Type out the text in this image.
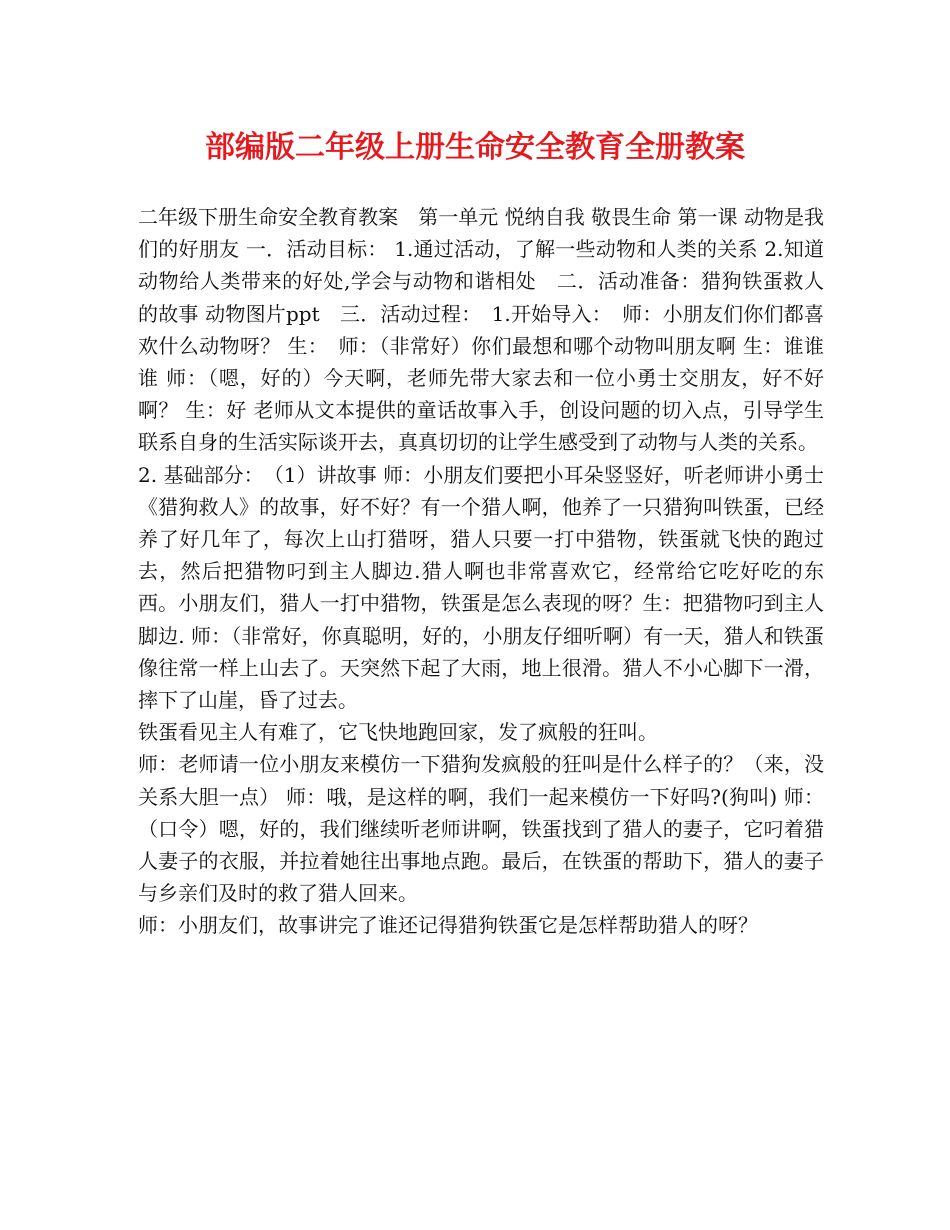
部编版二年级上册生命安全教育全册教案

二年级下册生命安全教育教案　第一单元 悦纳自我 敬畏生命 第一课 动物是我们的好朋友 一．活动目标： 1.通过活动，了解一些动物和人类的关系 2.知道动物给人类带来的好处,学会与动物和谐相处　二．活动准备：猎狗铁蛋救人的故事 动物图片ppt　三．活动过程：　1.开始导入：　师：小朋友们你们都喜欢什么动物呀？ 生：　师：（非常好）你们最想和哪个动物叫朋友啊 生：谁谁谁 师：（嗯，好的）今天啊，老师先带大家去和一位小勇士交朋友，好不好啊？ 生：好 老师从文本提供的童话故事入手，创设问题的切入点，引导学生联系自身的生活实际谈开去，真真切切的让学生感受到了动物与人类的关系。

2. 基础部分：　（1）讲故事 师：小朋友们要把小耳朵竖竖好，听老师讲小勇士《猎狗救人》的故事，好不好？有一个猎人啊，他养了一只猎狗叫铁蛋，已经养了好几年了，每次上山打猎呀，猎人只要一打中猎物，铁蛋就飞快的跑过去，然后把猎物叼到主人脚边.猎人啊也非常喜欢它，经常给它吃好吃的东西。小朋友们，猎人一打中猎物，铁蛋是怎么表现的呀？生：把猎物叼到主人脚边. 师：（非常好，你真聪明，好的，小朋友仔细听啊）有一天，猎人和铁蛋像往常一样上山去了。天突然下起了大雨，地上很滑。猎人不小心脚下一滑，摔下了山崖，昏了过去。

铁蛋看见主人有难了，它飞快地跑回家，发了疯般的狂叫。

师：老师请一位小朋友来模仿一下猎狗发疯般的狂叫是什么样子的？（来，没关系大胆一点） 师：哦，是这样的啊，我们一起来模仿一下好吗?(狗叫) 师：（口令）嗯，好的，我们继续听老师讲啊，铁蛋找到了猎人的妻子，它叼着猎人妻子的衣服，并拉着她往出事地点跑。最后，在铁蛋的帮助下，猎人的妻子与乡亲们及时的救了猎人回来。

师：小朋友们，故事讲完了谁还记得猎狗铁蛋它是怎样帮助猎人的呀？
